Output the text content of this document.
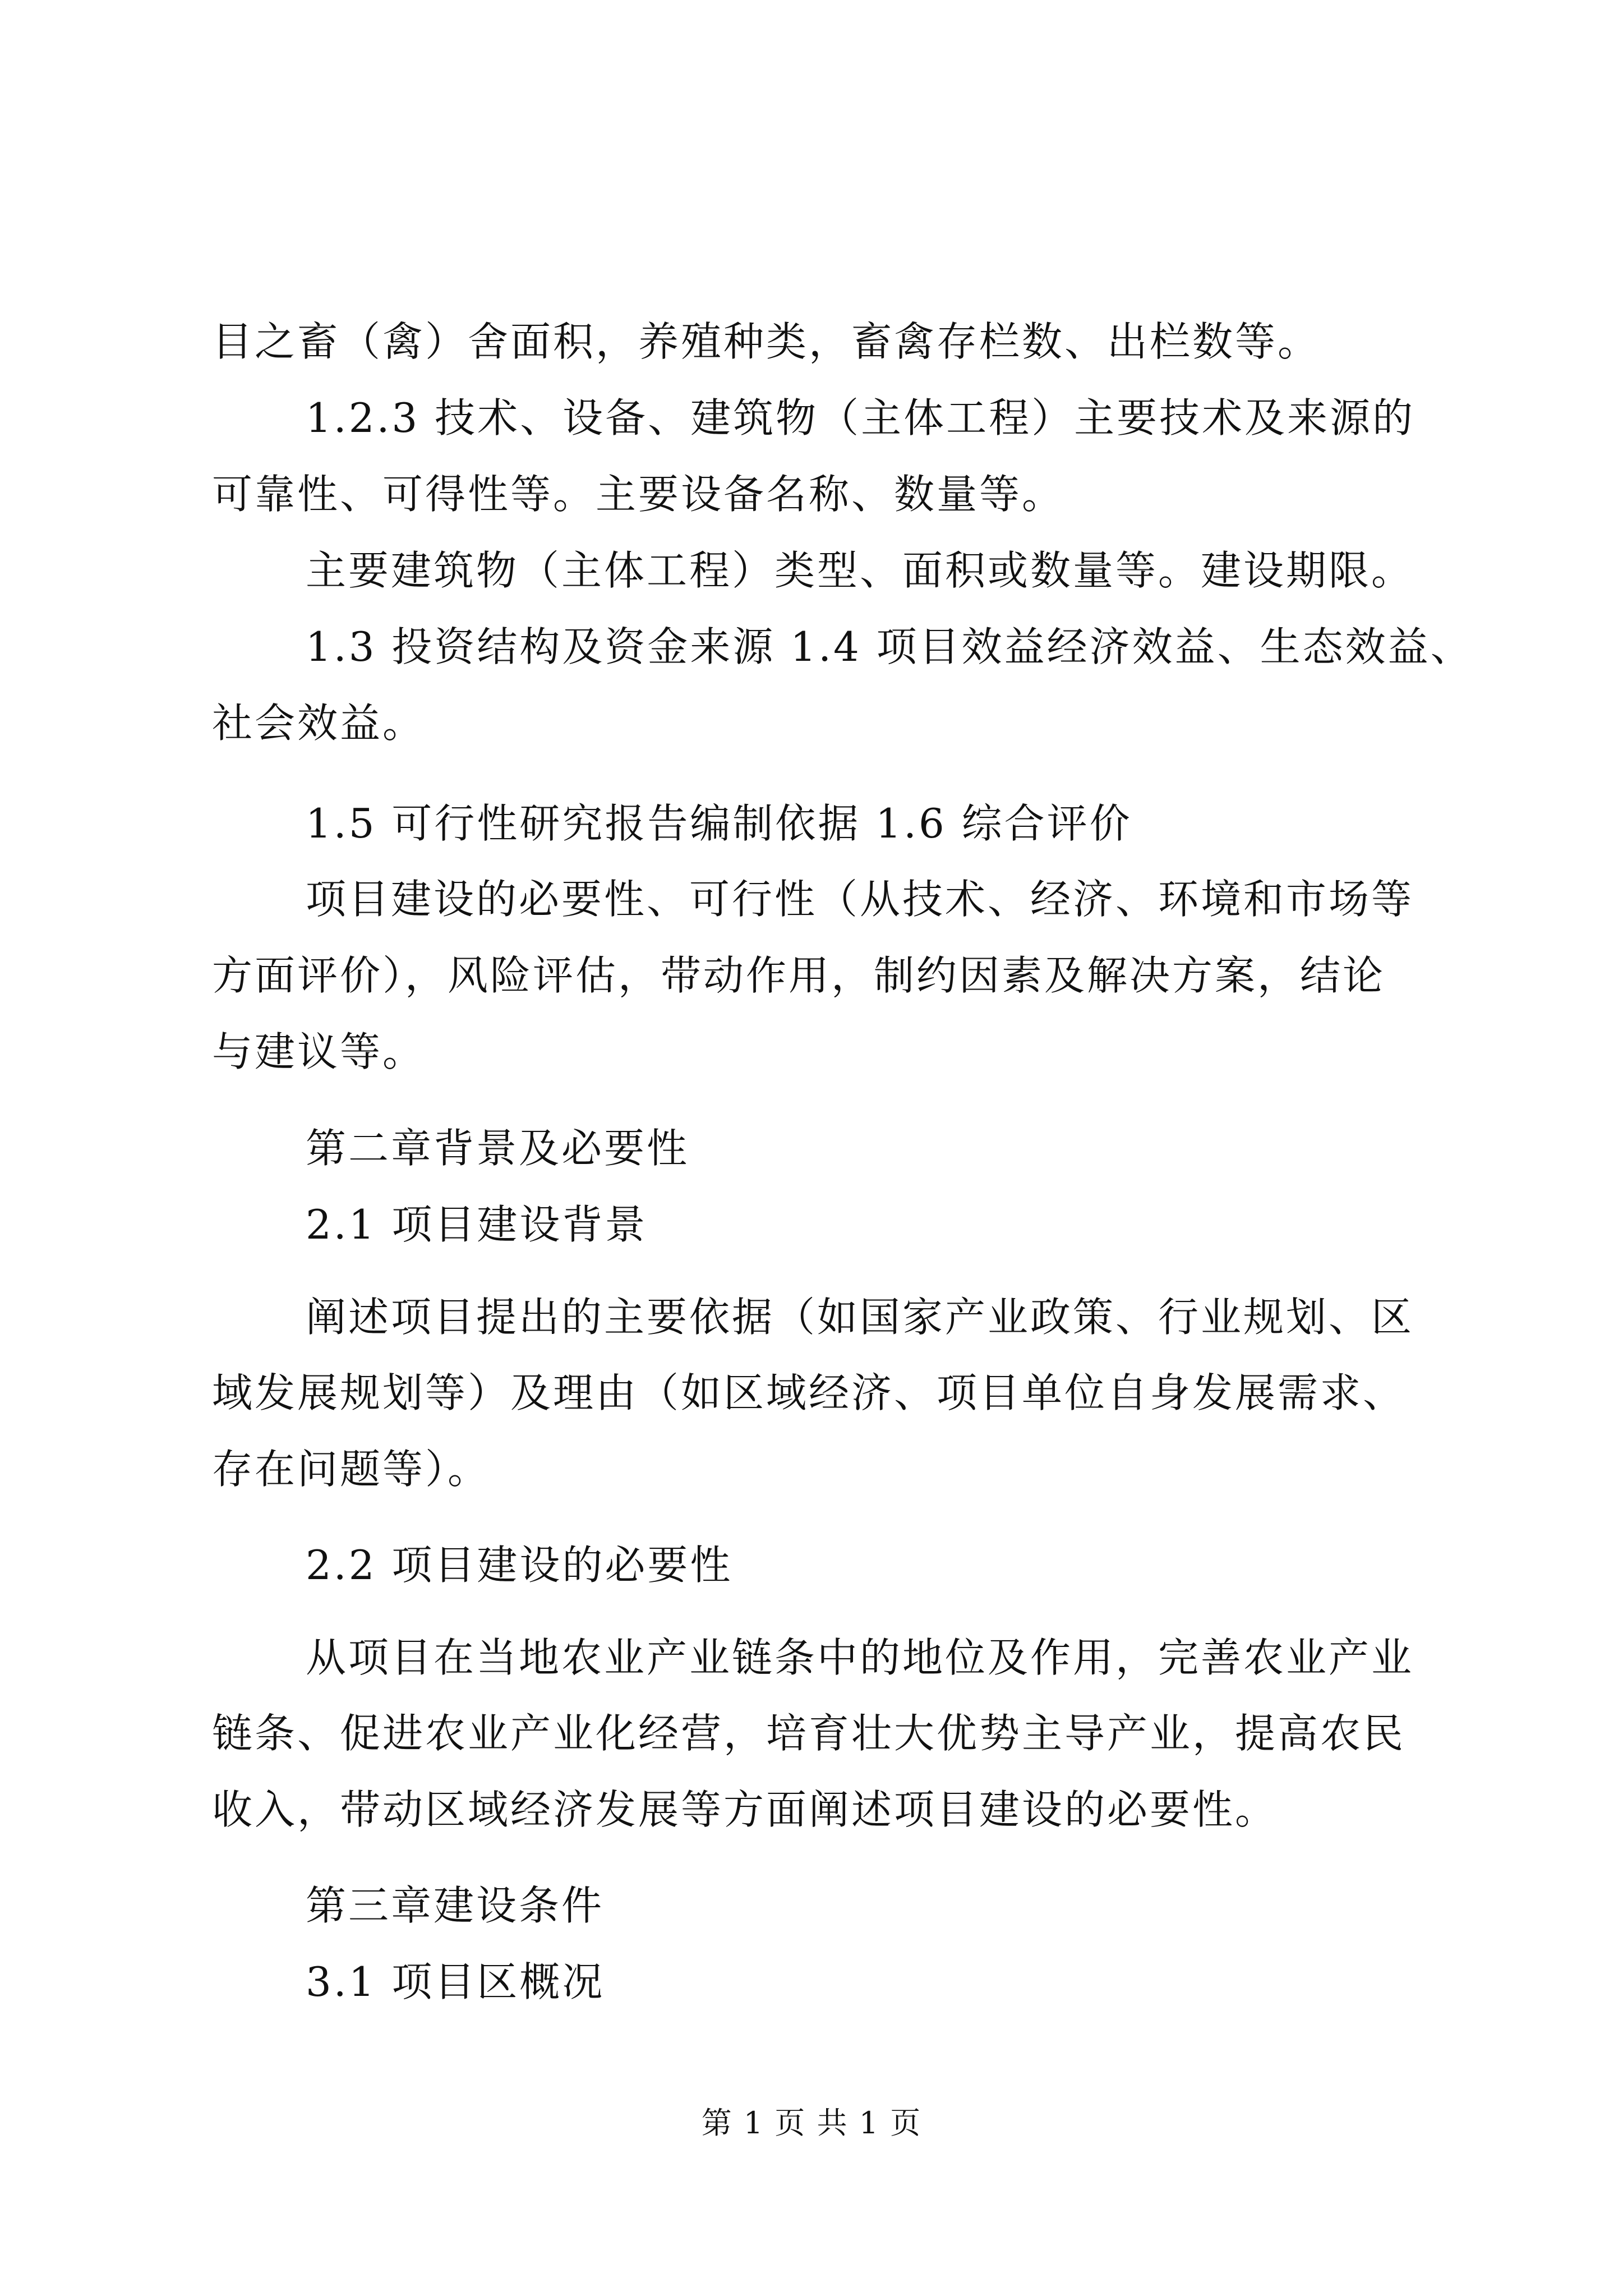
目之畜（禽）舍面积，养殖种类，畜禽存栏数、出栏数等。
1.2.3 技术、设备、建筑物（主体工程）主要技术及来源的
可靠性、可得性等。主要设备名称、数量等。
主要建筑物（主体工程）类型、面积或数量等。建设期限。
1.3 投资结构及资金来源 1.4 项目效益经济效益、生态效益、
社会效益。
1.5 可行性研究报告编制依据 1.6 综合评价
项目建设的必要性、可行性（从技术、经济、环境和市场等
方面评价），风险评估，带动作用，制约因素及解决方案，结论
与建议等。
第二章背景及必要性
2.1 项目建设背景
阐述项目提出的主要依据（如国家产业政策、行业规划、区
域发展规划等）及理由（如区域经济、项目单位自身发展需求、
存在问题等）。
2.2 项目建设的必要性
从项目在当地农业产业链条中的地位及作用，完善农业产业
链条、促进农业产业化经营，培育壮大优势主导产业，提高农民
收入，带动区域经济发展等方面阐述项目建设的必要性。
第三章建设条件
3.1 项目区概况
第 1 页 共 1 页
